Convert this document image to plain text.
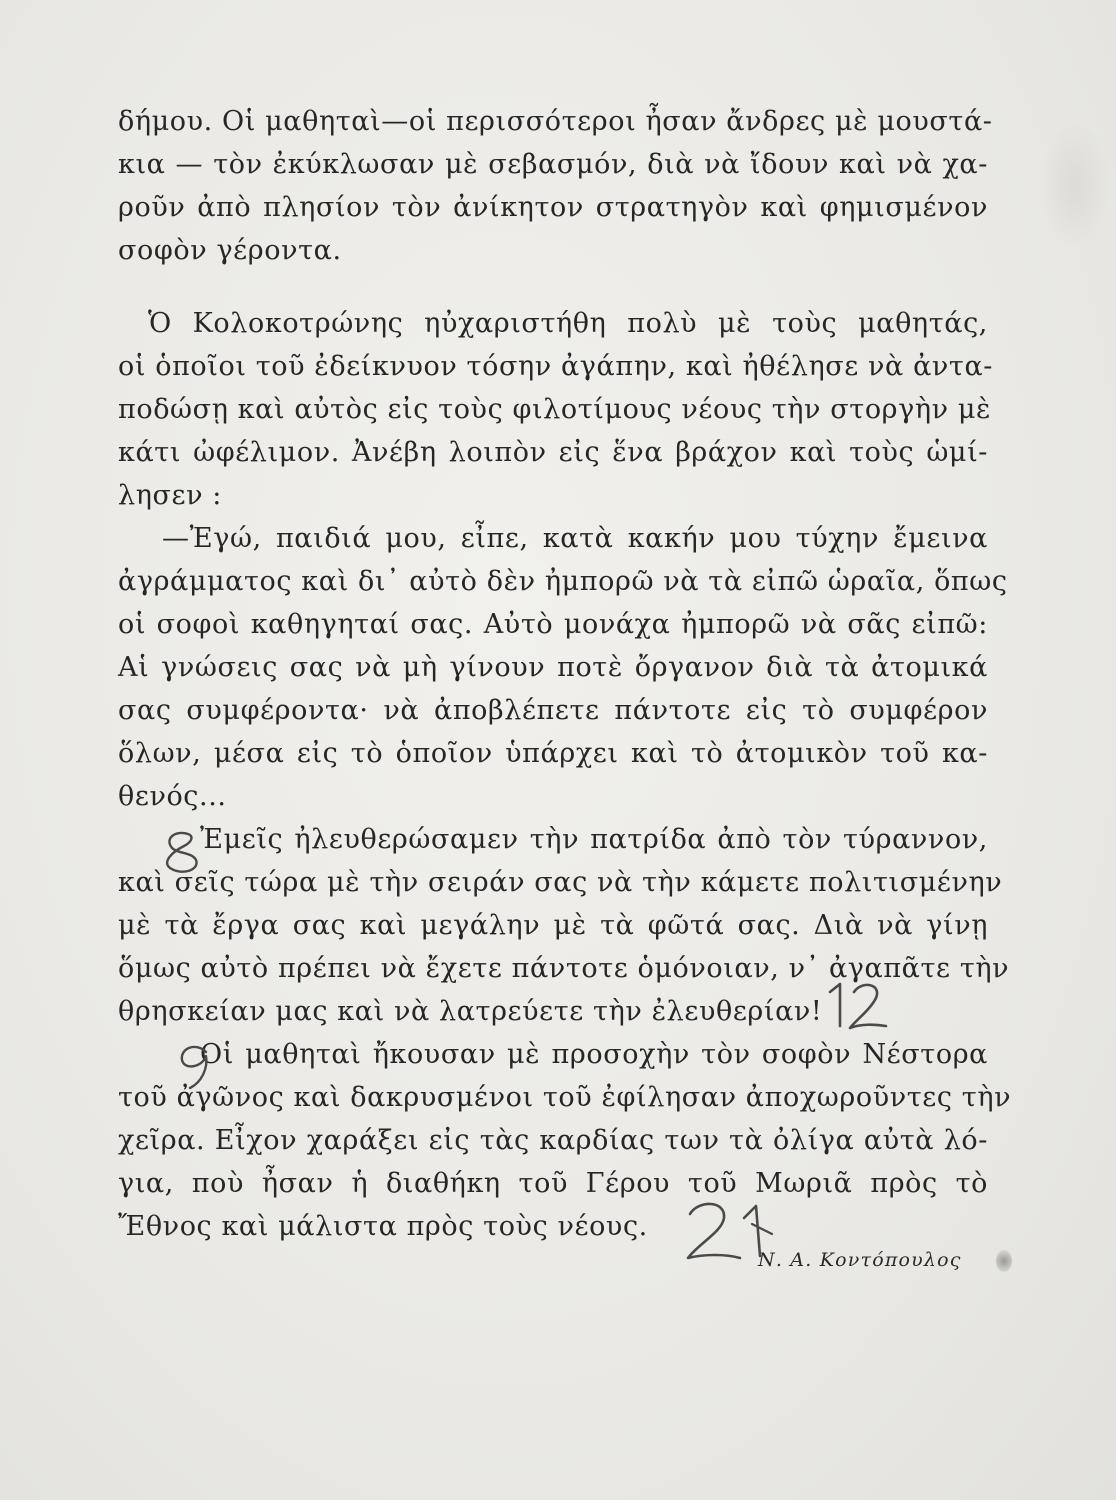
δήμου. Οἱ μαθηταὶ—οἱ περισσότεροι ἦσαν ἄνδρες μὲ μουστά-
κια — τὸν ἐκύκλωσαν μὲ σεβασμόν, διὰ νὰ ἴδουν καὶ νὰ χα-
ροῦν ἀπὸ πλησίον τὸν ἀνίκητον στρατηγὸν καὶ φημισμένον
σοφὸν γέροντα.
Ὁ Κολοκοτρώνης ηὐχαριστήθη πολὺ μὲ τοὺς μαθητάς,
οἱ ὁποῖοι τοῦ ἐδείκνυον τόσην ἀγάπην, καὶ ἠθέλησε νὰ ἀντα-
ποδώσῃ καὶ αὐτὸς εἰς τοὺς φιλοτίμους νέους τὴν στοργὴν μὲ
κάτι ὠφέλιμον. Ἀνέβη λοιπὸν εἰς ἕνα βράχον καὶ τοὺς ὡμί-
λησεν :
—Ἐγώ, παιδιά μου, εἶπε, κατὰ κακήν μου τύχην ἔμεινα
ἀγράμματος καὶ δι᾽ αὐτὸ δὲν ἠμπορῶ νὰ τὰ εἰπῶ ὡραῖα, ὅπως
οἱ σοφοὶ καθηγηταί σας. Αὐτὸ μονάχα ἠμπορῶ νὰ σᾶς εἰπῶ:
Αἱ γνώσεις σας νὰ μὴ γίνουν ποτὲ ὄργανον διὰ τὰ ἀτομικά
σας συμφέροντα· νὰ ἀποβλέπετε πάντοτε εἰς τὸ συμφέρον
ὅλων, μέσα εἰς τὸ ὁποῖον ὑπάρχει καὶ τὸ ἀτομικὸν τοῦ κα-
θενός...
Ἐμεῖς ἠλευθερώσαμεν τὴν πατρίδα ἀπὸ τὸν τύραννον,
καὶ σεῖς τώρα μὲ τὴν σειράν σας νὰ τὴν κάμετε πολιτισμένην
μὲ τὰ ἔργα σας καὶ μεγάλην μὲ τὰ φῶτά σας. Διὰ νὰ γίνῃ
ὅμως αὐτὸ πρέπει νὰ ἔχετε πάντοτε ὁμόνοιαν, ν᾽ ἀγαπᾶτε τὴν
θρησκείαν μας καὶ νὰ λατρεύετε τὴν ἐλευθερίαν!
Οἱ μαθηταὶ ἤκουσαν μὲ προσοχὴν τὸν σοφὸν Νέστορα
τοῦ ἀγῶνος καὶ δακρυσμένοι τοῦ ἐφίλησαν ἀποχωροῦντες τὴν
χεῖρα. Εἶχον χαράξει εἰς τὰς καρδίας των τὰ ὀλίγα αὐτὰ λό-
για, ποὺ ἦσαν ἡ διαθήκη τοῦ Γέρου τοῦ Μωριᾶ πρὸς τὸ
Ἔθνος καὶ μάλιστα πρὸς τοὺς νέους.
Ν. Α. Κοντόπουλος
